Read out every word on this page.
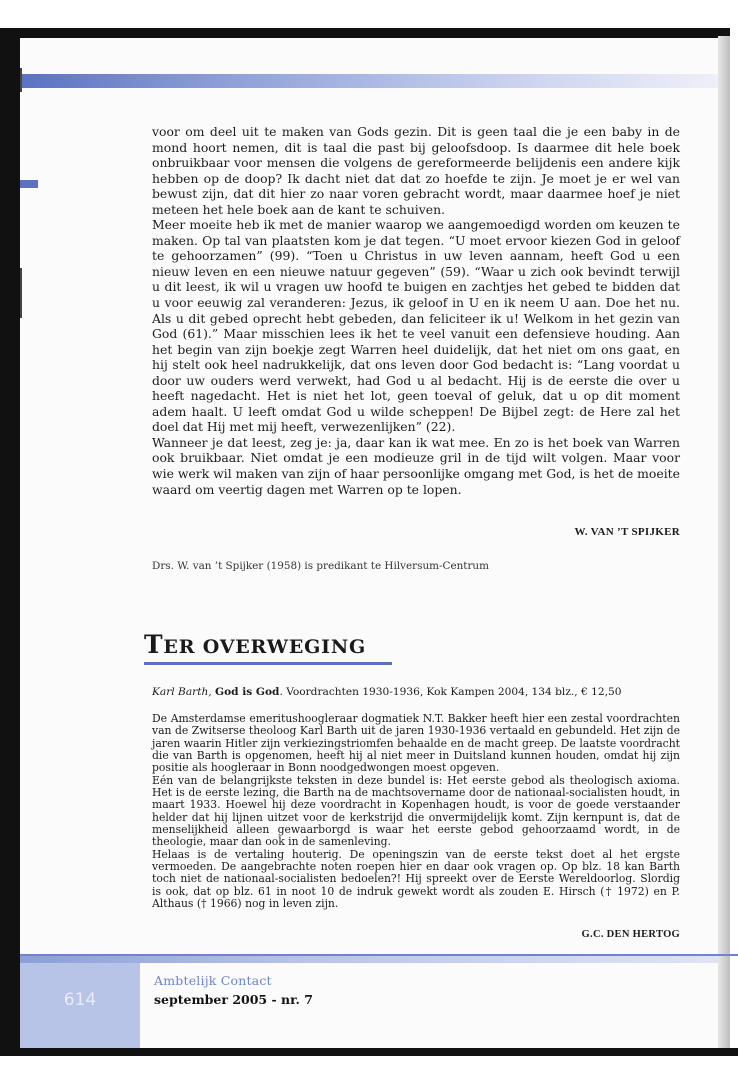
voor om deel uit te maken van Gods gezin. Dit is geen taal die je een baby in de mond hoort nemen, dit is taal die past bij geloofsdoop. Is daarmee dit hele boek onbruikbaar voor mensen die volgens de gereformeerde belijdenis een andere kijk hebben op de doop? Ik dacht niet dat dat zo hoefde te zijn. Je moet je er wel van bewust zijn, dat dit hier zo naar voren gebracht wordt, maar daarmee hoef je niet meteen het hele boek aan de kant te schuiven.

Meer moeite heb ik met de manier waarop we aangemoedigd worden om keuzen te maken. Op tal van plaatsten kom je dat tegen. “U moet ervoor kiezen God in geloof te gehoorzamen” (99). “Toen u Christus in uw leven aannam, heeft God u een nieuw leven en een nieuwe natuur gegeven” (59). “Waar u zich ook bevindt terwijl u dit leest, ik wil u vragen uw hoofd te buigen en zachtjes het gebed te bidden dat u voor eeuwig zal veranderen: Jezus, ik geloof in U en ik neem U aan. Doe het nu. Als u dit gebed oprecht hebt gebeden, dan feliciteer ik u! Welkom in het gezin van God (61).” Maar misschien lees ik het te veel vanuit een defensieve houding. Aan het begin van zijn boekje zegt Warren heel duidelijk, dat het niet om ons gaat, en hij stelt ook heel nadrukkelijk, dat ons leven door God bedacht is: “Lang voordat u door uw ouders werd verwekt, had God u al bedacht. Hij is de eerste die over u heeft nagedacht. Het is niet het lot, geen toeval of geluk, dat u op dit moment adem haalt. U leeft omdat God u wilde scheppen! De Bijbel zegt: de Here zal het doel dat Hij met mij heeft, verwezenlijken” (22).

Wanneer je dat leest, zeg je: ja, daar kan ik wat mee. En zo is het boek van Warren ook bruikbaar. Niet omdat je een modieuze gril in de tijd wilt volgen. Maar voor wie werk wil maken van zijn of haar persoonlijke omgang met God, is het de moeite waard om veertig dagen met Warren op te lopen.

W. VAN ’T SPIJKER
Drs. W. van ’t Spijker (1958) is predikant te Hilversum-Centrum
TER OVERWEGING
Karl Barth, God is God. Voordrachten 1930-1936, Kok Kampen 2004, 134 blz., € 12,50

De Amsterdamse emeritushoogleraar dogmatiek N.T. Bakker heeft hier een zestal voordrachten van de Zwitserse theoloog Karl Barth uit de jaren 1930-1936 vertaald en gebundeld. Het zijn de jaren waarin Hitler zijn verkiezingstriomfen behaalde en de macht greep. De laatste voordracht die van Barth is opgenomen, heeft hij al niet meer in Duitsland kunnen houden, omdat hij zijn positie als hoogleraar in Bonn noodgedwongen moest opgeven.

Eén van de belangrijkste teksten in deze bundel is: Het eerste gebod als theologisch axioma. Het is de eerste lezing, die Barth na de machtsovername door de nationaal-socialisten houdt, in maart 1933. Hoewel hij deze voordracht in Kopenhagen houdt, is voor de goede verstaander helder dat hij lijnen uitzet voor de kerkstrijd die onvermijdelijk komt. Zijn kernpunt is, dat de menselijkheid alleen gewaarborgd is waar het eerste gebod gehoorzaamd wordt, in de theologie, maar dan ook in de samenleving.

Helaas is de vertaling houterig. De openingszin van de eerste tekst doet al het ergste vermoeden. De aangebrachte noten roepen hier en daar ook vragen op. Op blz. 18 kan Barth toch niet de nationaal-socialisten bedoelen?! Hij spreekt over de Eerste Wereldoorlog. Slordig is ook, dat op blz. 61 in noot 10 de indruk gewekt wordt als zouden E. Hirsch († 1972) en P. Althaus († 1966) nog in leven zijn.

G.C. DEN HERTOG
614
Ambtelijk Contact
september 2005 - nr. 7
